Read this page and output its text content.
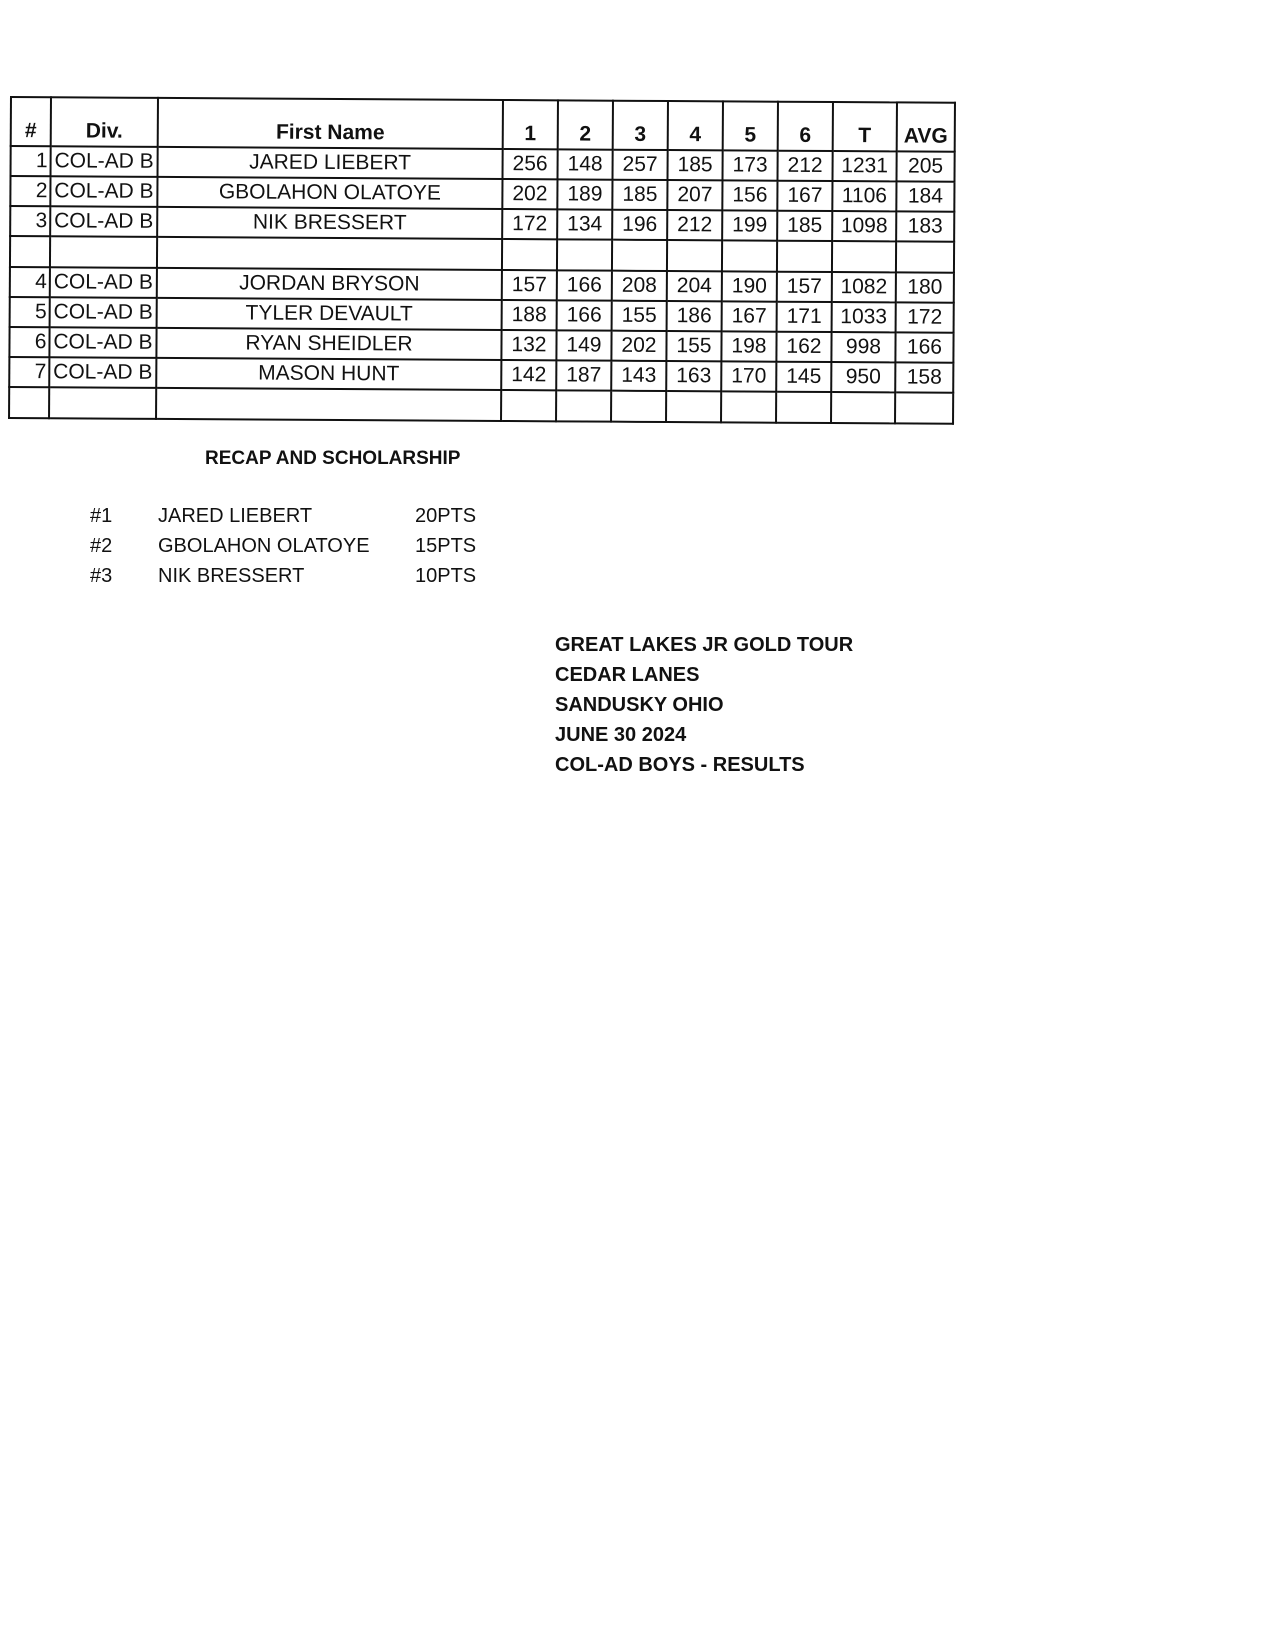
#	Div.	First Name	1	2	3	4	5	6	T	AVG
1	COL-AD B	JARED LIEBERT	256	148	257	185	173	212	1231	205
2	COL-AD B	GBOLAHON OLATOYE	202	189	185	207	156	167	1106	184
3	COL-AD B	NIK BRESSERT	172	134	196	212	199	185	1098	183

4	COL-AD B	JORDAN BRYSON	157	166	208	204	190	157	1082	180
5	COL-AD B	TYLER DEVAULT	188	166	155	186	167	171	1033	172
6	COL-AD B	RYAN SHEIDLER	132	149	202	155	198	162	998	166
7	COL-AD B	MASON HUNT	142	187	143	163	170	145	950	158

RECAP AND SCHOLARSHIP
#1 JARED LIEBERT	20PTS
#2 GBOLAHON OLATOYE 15PTS
#3 NIK BRESSERT	10PTS
GREAT LAKES JR GOLD TOUR
CEDAR LANES
SANDUSKY OHIO
JUNE 30 2024
COL-AD BOYS - RESULTS
